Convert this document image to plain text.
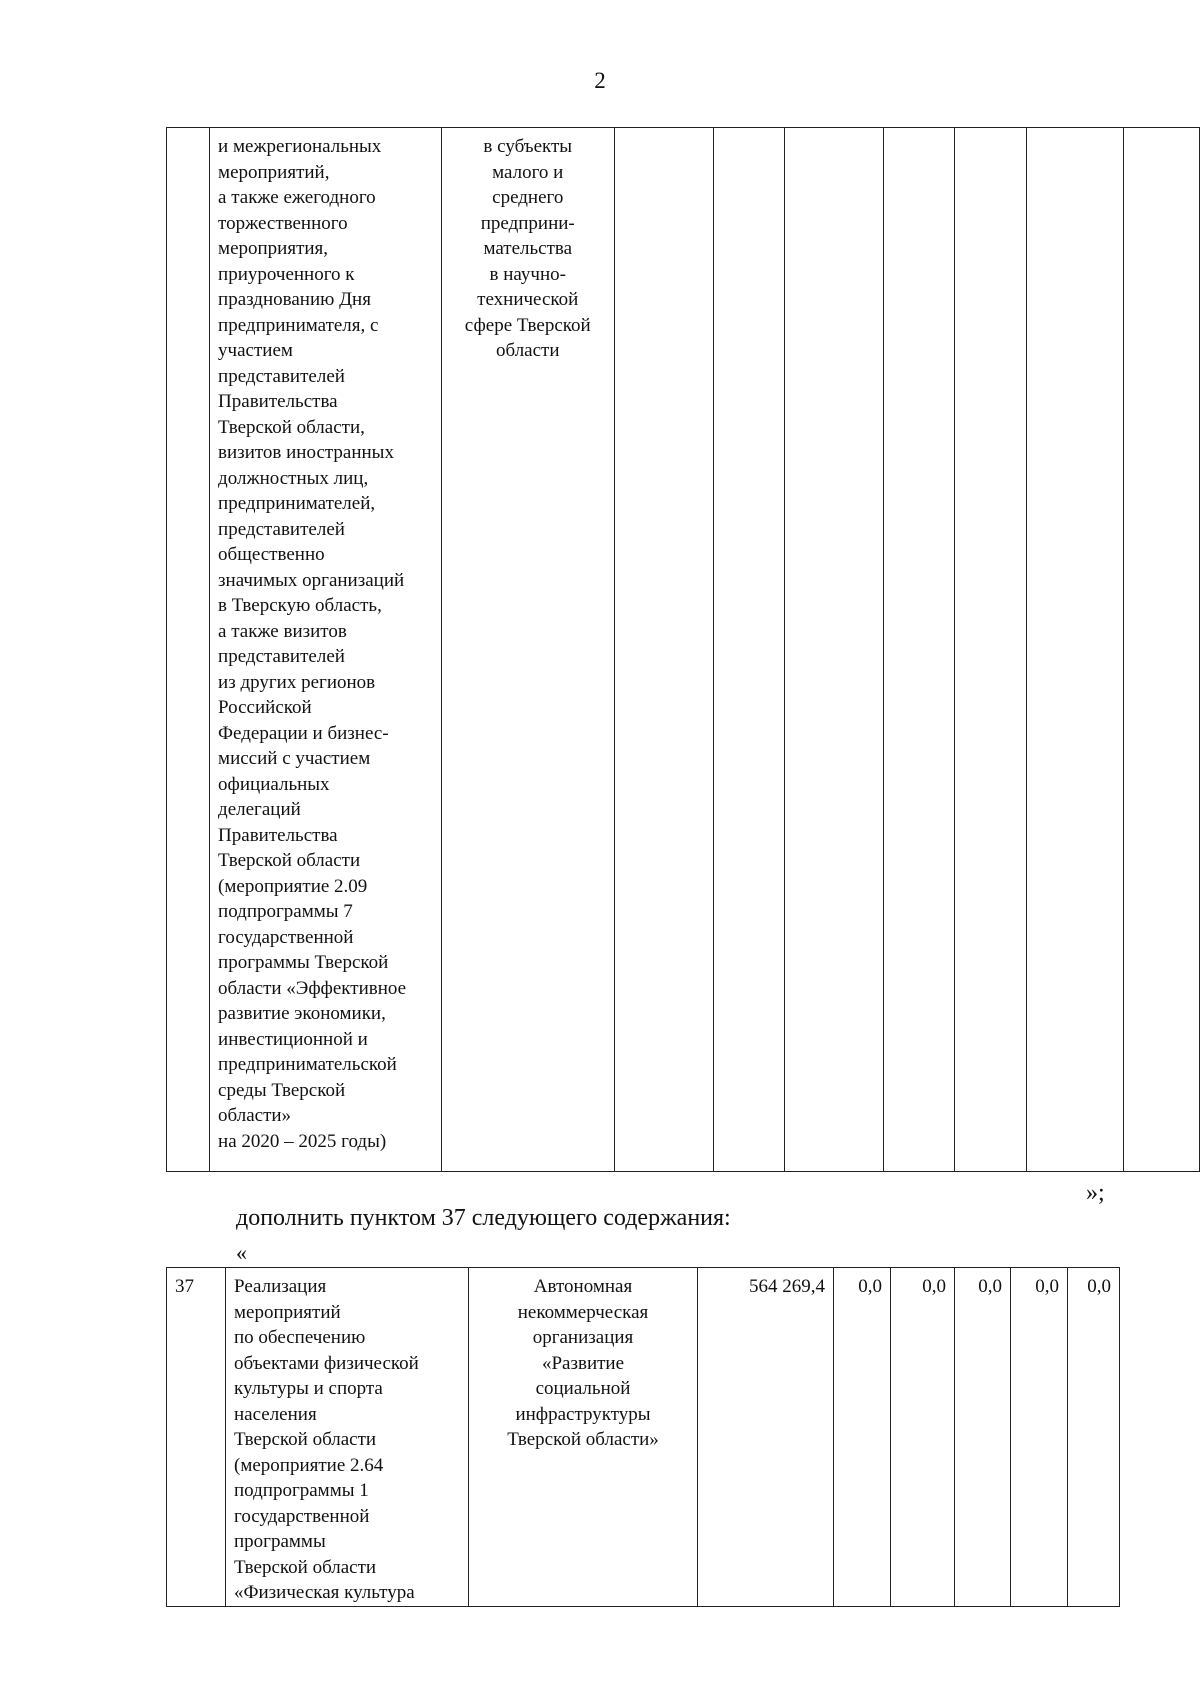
2
	и межрегиональных
мероприятий,
а также ежегодного
торжественного
мероприятия,
приуроченного к
празднованию Дня
предпринимателя, с
участием
представителей
Правительства
Тверской области,
визитов иностранных
должностных лиц,
предпринимателей,
представителей
общественно
значимых организаций
в Тверскую область,
а также визитов
представителей
из других регионов
Российской
Федерации и бизнес-
миссий с участием
официальных
делегаций
Правительства
Тверской области
(мероприятие 2.09
подпрограммы 7
государственной
программы Тверской
области «Эффективное
развитие экономики,
инвестиционной и
предпринимательской
среды Тверской
области»
на 2020 – 2025 годы)	в субъекты
малого и
среднего
предприни-
мательства
в научно-
технической
сфере Тверской
области							
»;
дополнить пунктом 37 следующего содержания:
«
37	Реализация
мероприятий
по обеспечению
объектами физической
культуры и спорта
населения
Тверской области
(мероприятие 2.64
подпрограммы 1
государственной
программы
Тверской области
«Физическая культура	Автономная
некоммерческая
организация
«Развитие
социальной
инфраструктуры
Тверской области»	564 269,4	0,0	0,0	0,0	0,0	0,0
